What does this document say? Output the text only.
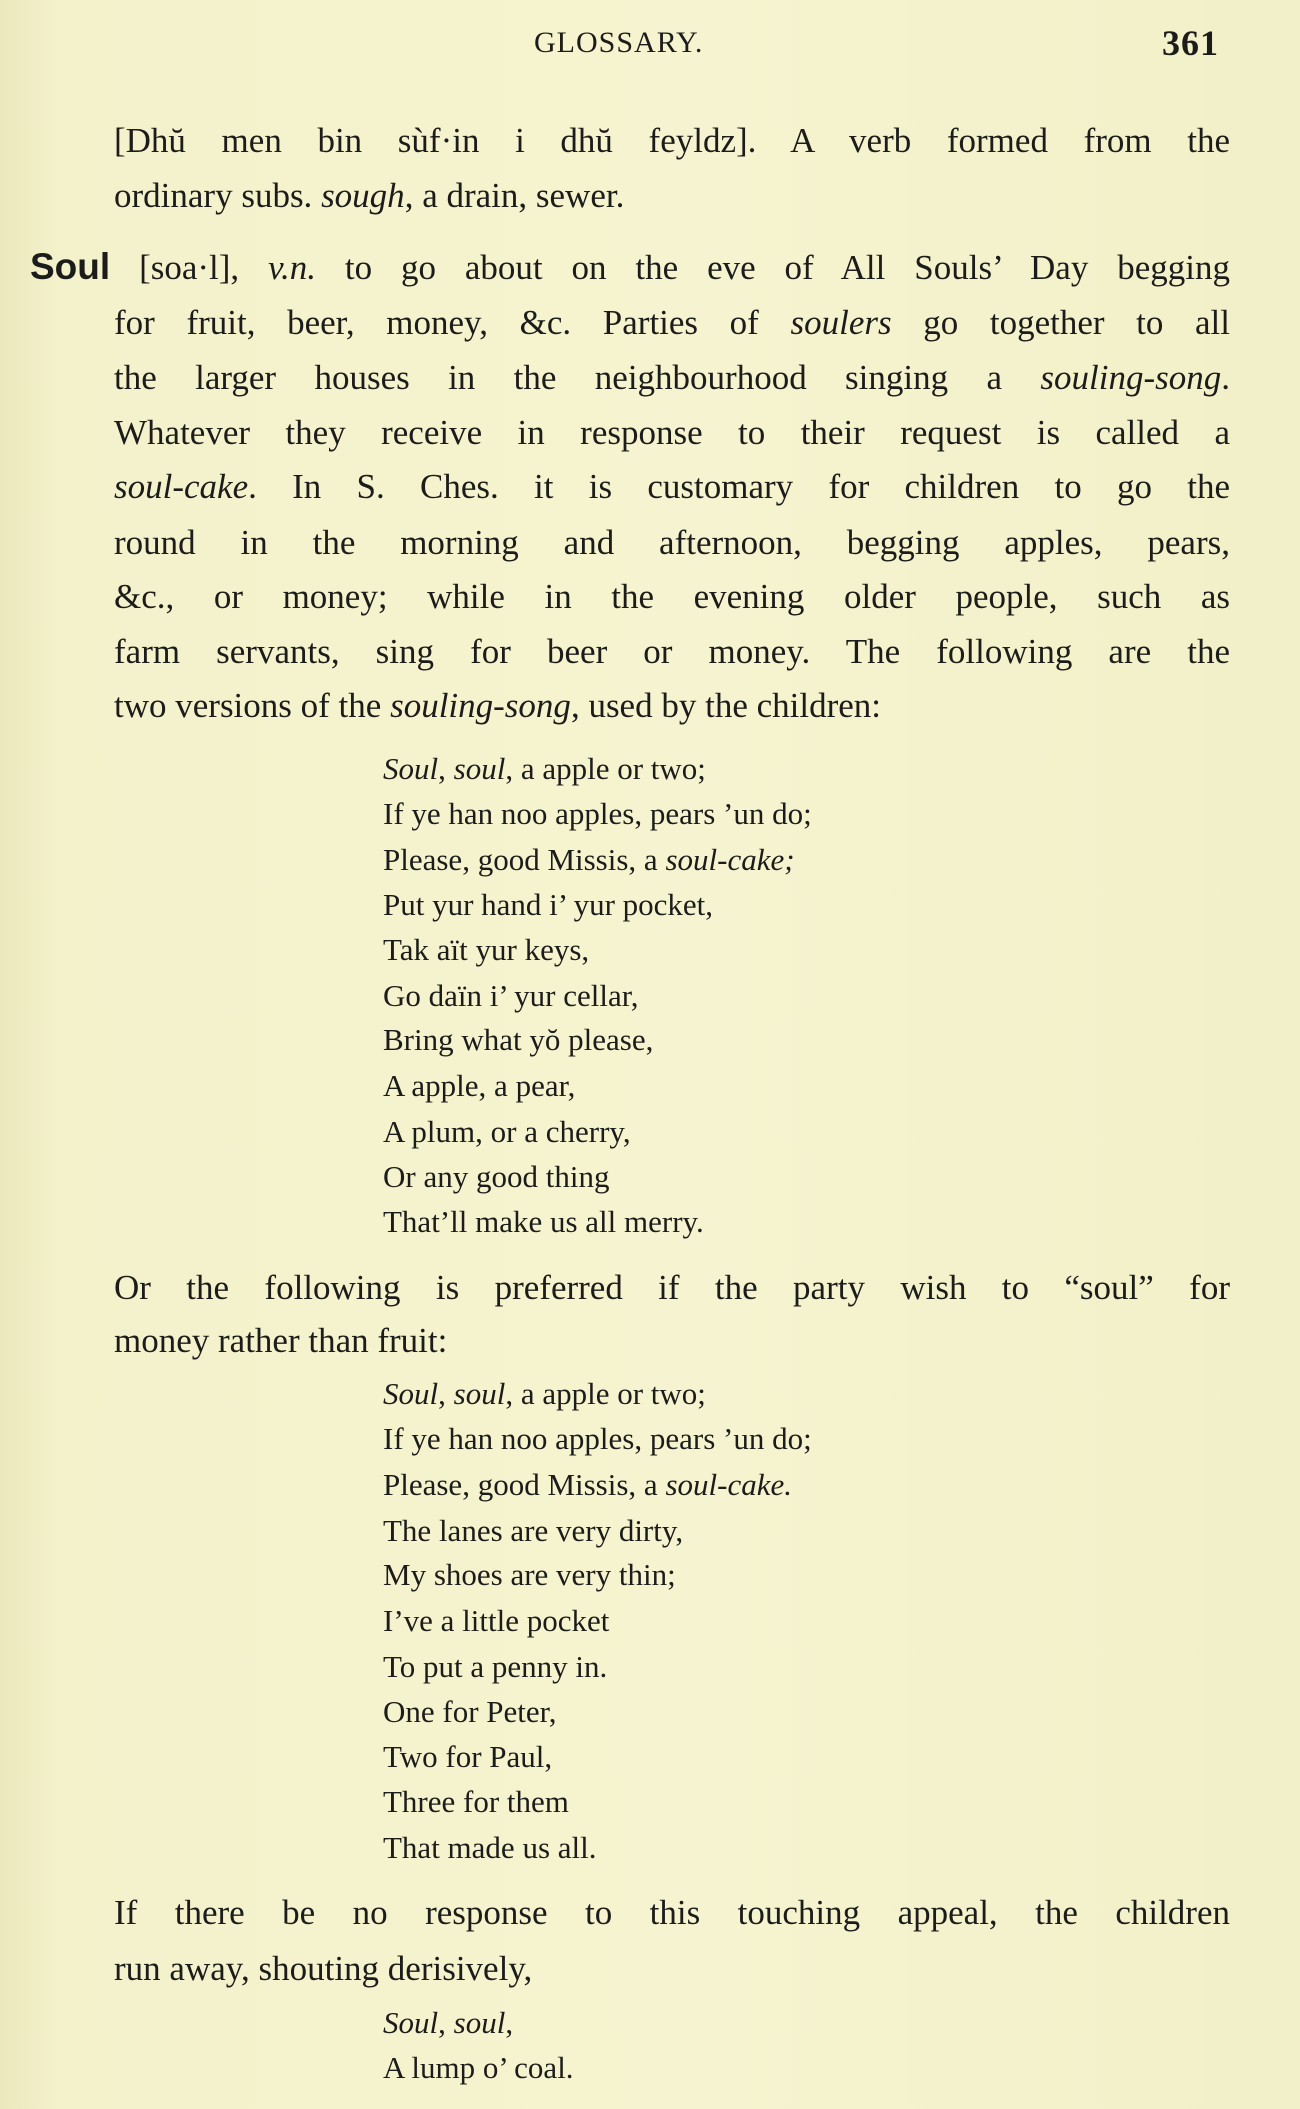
GLOSSARY.	361
[Dhŭ men bin sùf·in i dhŭ feyldz]. A verb formed from the
ordinary subs. sough, a drain, sewer.
Soul [soa·l], v.n. to go about on the eve of All Souls’ Day begging
for fruit, beer, money, &c. Parties of soulers go together to all
the larger houses in the neighbourhood singing a souling-song.
Whatever they receive in response to their request is called a
soul-cake. In S. Ches. it is customary for children to go the
round in the morning and afternoon, begging apples, pears,
&c., or money; while in the evening older people, such as
farm servants, sing for beer or money. The following are the
two versions of the souling-song, used by the children:
Soul, soul, a apple or two;
If ye han noo apples, pears ’un do;
Please, good Missis, a soul-cake;
Put yur hand i’ yur pocket,
Tak aït yur keys,
Go daïn i’ yur cellar,
Bring what yŏ please,
A apple, a pear,
A plum, or a cherry,
Or any good thing
That’ll make us all merry.
Or the following is preferred if the party wish to “soul” for
money rather than fruit:
Soul, soul, a apple or two;
If ye han noo apples, pears ’un do;
Please, good Missis, a soul-cake.
The lanes are very dirty,
My shoes are very thin;
I’ve a little pocket
To put a penny in.
One for Peter,
Two for Paul,
Three for them
That made us all.
If there be no response to this touching appeal, the children
run away, shouting derisively,
Soul, soul,
A lump o’ coal.
